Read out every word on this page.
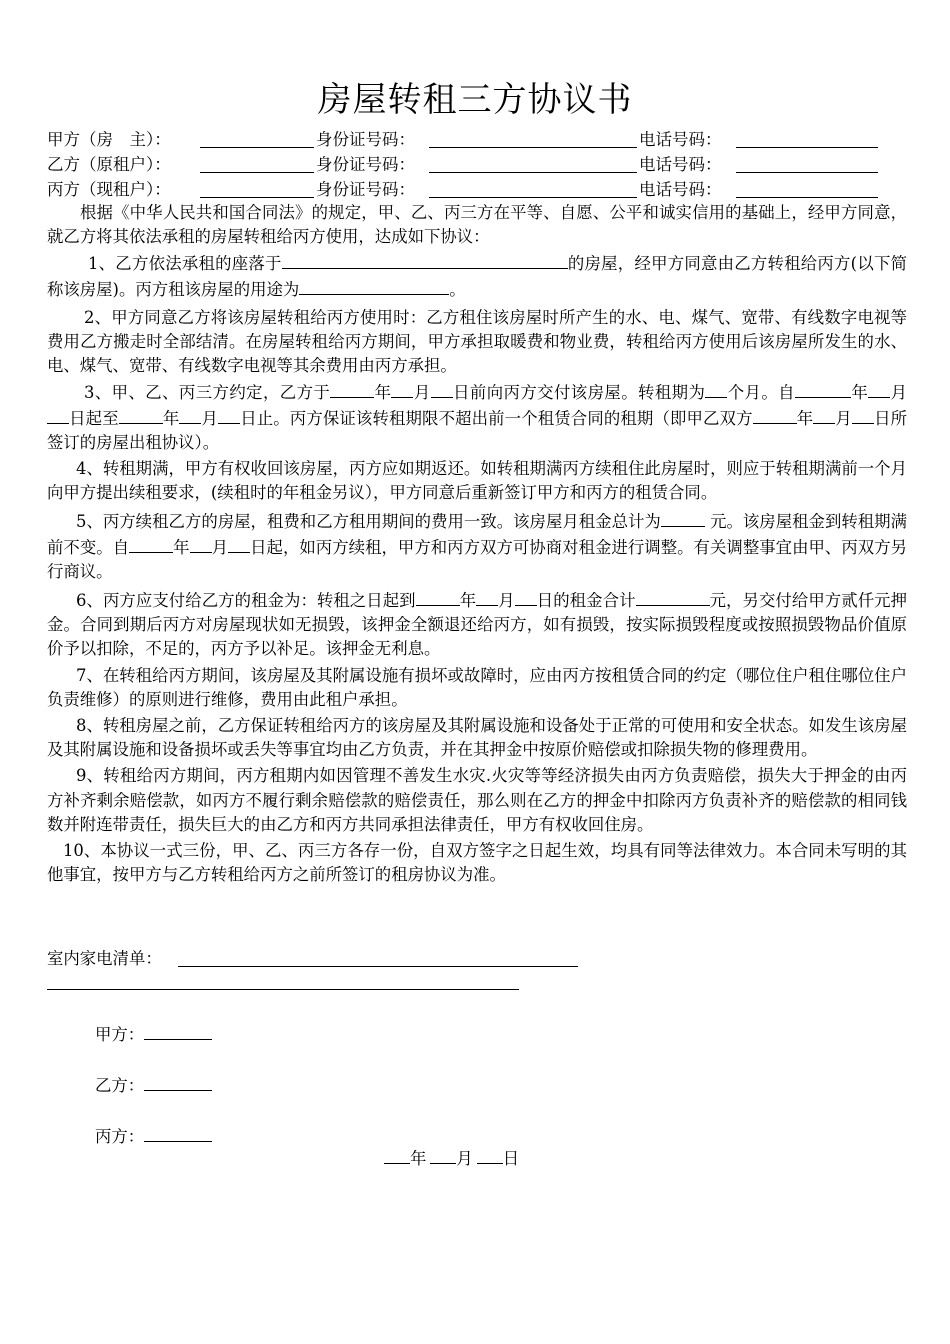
房屋转租三方协议书
甲方（房　主）：	身份证号码：	电话号码：
乙方（原租户）：	身份证号码：	电话号码：
丙方（现租户）：	身份证号码：	电话号码：

根据《中华人民共和国合同法》的规定，甲、乙、丙三方在平等、自愿、公平和诚实信用的基础上，经甲方同意，就乙方将其依法承租的房屋转租给丙方使用，达成如下协议：

1、乙方依法承租的座落于	的房屋，经甲方同意由乙方转租给丙方(以下简称该房屋)。丙方租该房屋的用途为	。

2、甲方同意乙方将该房屋转租给丙方使用时：乙方租住该房屋时所产生的水、电、煤气、宽带、有线数字电视等费用乙方搬走时全部结清。在房屋转租给丙方期间，甲方承担取暖费和物业费，转租给丙方使用后该房屋所发生的水、电、煤气、宽带、有线数字电视等其余费用由丙方承担。

3、甲、乙、丙三方约定，乙方于	年 月 日前向丙方交付该房屋。转租期为 个月。自	年 月日起至	年 月 日止。丙方保证该转租期限不超出前一个租赁合同的租期（即甲乙双方	年 月 日所签订的房屋出租协议）。

4、转租期满，甲方有权收回该房屋，丙方应如期返还。如转租期满丙方续租住此房屋时，则应于转租期满前一个月向甲方提出续租要求，(续租时的年租金另议），甲方同意后重新签订甲方和丙方的租赁合同。

5、丙方续租乙方的房屋，租费和乙方租用期间的费用一致。该房屋月租金总计为	元。该房屋租金到转租期满前不变。自	年 月 日起，如丙方续租，甲方和丙方双方可协商对租金进行调整。有关调整事宜由甲、丙双方另行商议。

6、丙方应支付给乙方的租金为：转租之日起到	年 月 日的租金合计	元，另交付给甲方贰仟元押金。合同到期后丙方对房屋现状如无损毁，该押金全额退还给丙方，如有损毁，按实际损毁程度或按照损毁物品价值原价予以扣除，不足的，丙方予以补足。该押金无利息。

7、在转租给丙方期间，该房屋及其附属设施有损坏或故障时，应由丙方按租赁合同的约定（哪位住户租住哪位住户负责维修）的原则进行维修，费用由此租户承担。

8、转租房屋之前，乙方保证转租给丙方的该房屋及其附属设施和设备处于正常的可使用和安全状态。如发生该房屋及其附属设施和设备损坏或丢失等事宜均由乙方负责，并在其押金中按原价赔偿或扣除损失物的修理费用。

9、转租给丙方期间，丙方租期内如因管理不善发生水灾.火灾等等经济损失由丙方负责赔偿，损失大于押金的由丙方补齐剩余赔偿款，如丙方不履行剩余赔偿款的赔偿责任，那么则在乙方的押金中扣除丙方负责补齐的赔偿款的相同钱数并附连带责任，损失巨大的由乙方和丙方共同承担法律责任，甲方有权收回住房。

10、本协议一式三份，甲、乙、丙三方各存一份，自双方签字之日起生效，均具有同等法律效力。本合同未写明的其他事宜，按甲方与乙方转租给丙方之前所签订的租房协议为准。

室内家电清单：
甲方：
乙方：
丙方：
年 月 日
